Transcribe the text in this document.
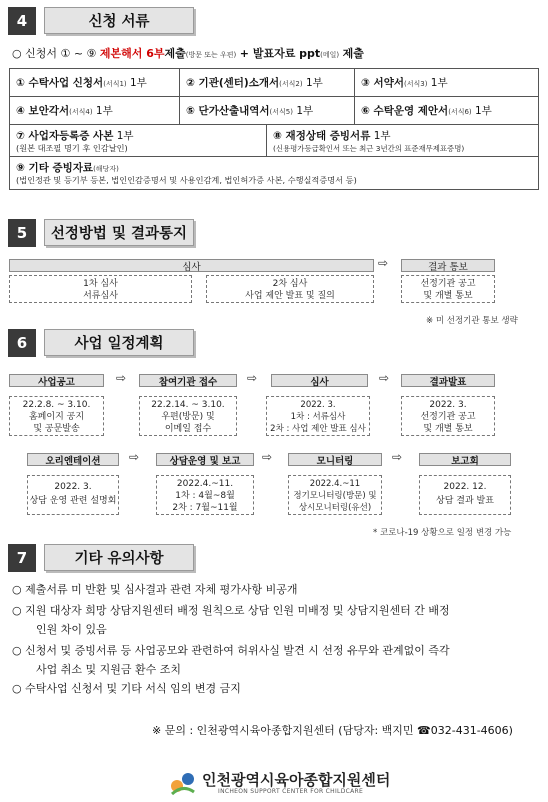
4	신청 서류
○ 신청서 ① ~ ⑨ 제본해서 6부제출(방문 또는 우편) + 발표자료 ppt(메일) 제출
① 수탁사업 신청서(서식1) 1부	② 기관(센터)소개서(서식2) 1부	③ 서약서(서식3) 1부
④ 보안각서(서식4) 1부	⑤ 단가산출내역서(서식5) 1부	⑥ 수탁운영 제안서(서식6) 1부
⑦ 사업자등록증 사본 1부
(원본 대조필 명기 후 인감날인)
	⑧ 재정상태 증빙서류 1부
(신용평가등급확인서 또는 최근 3년간의 표준재무제표증명)

⑨ 기타 증빙자료(해당자)
(법인정관 및 등기부 등본, 법인인감증명서 및 사용인감계, 법인허가증 사본, 수행실적증명서 등)
5	선정방법 및 결과통지
심사	⇨	결과 통보
1차 심사
서류심사
2차 심사
사업 제안 발표 및 질의
선정기관 공고
및 개별 통보
※ 미 선정기관 통보 생략
6	사업 일정계획
사업공고	⇨	참여기관 접수	⇨	심사	⇨	결과발표
22.2.8. ~ 3.10.
홈페이지 공지
및 공문발송
22.2.14. ~ 3.10.
우편(방문) 및
이메일 접수
2022. 3.
1차 : 서류심사
2차 : 사업 제안 발표 심사
2022. 3.
선정기관 공고
및 개별 통보
오리엔테이션	⇨	상담운영 및 보고	⇨	모니터링	⇨	보고회
2022. 3.
상담 운영 관련 설명회
2022.4.~11.
1차 : 4월~8월
2차 : 7월~11월
2022.4.~11
정기모니터링(방문) 및
상시모니터링(유선)
2022. 12.
상담 결과 발표
* 코로나-19 상황으로 일정 변경 가능
7	기타 유의사항
○ 제출서류 미 반환 및 심사결과 관련 자체 평가사항 비공개
○ 지원 대상자 희망 상담지원센터 배정 원칙으로 상담 인원 미배정 및 상담지원센터 간 배정
인원 차이 있음
○ 신청서 및 증빙서류 등 사업공모와 관련하여 허위사실 발견 시 선정 유무와 관계없이 즉각
사업 취소 및 지원금 환수 조치
○ 수탁사업 신청서 및 기타 서식 임의 변경 금지
※ 문의 : 인천광역시육아종합지원센터 (담당자: 백지민 ☎032-431-4606)
인천광역시육아종합지원센터
INCHEON SUPPORT CENTER FOR CHILDCARE
